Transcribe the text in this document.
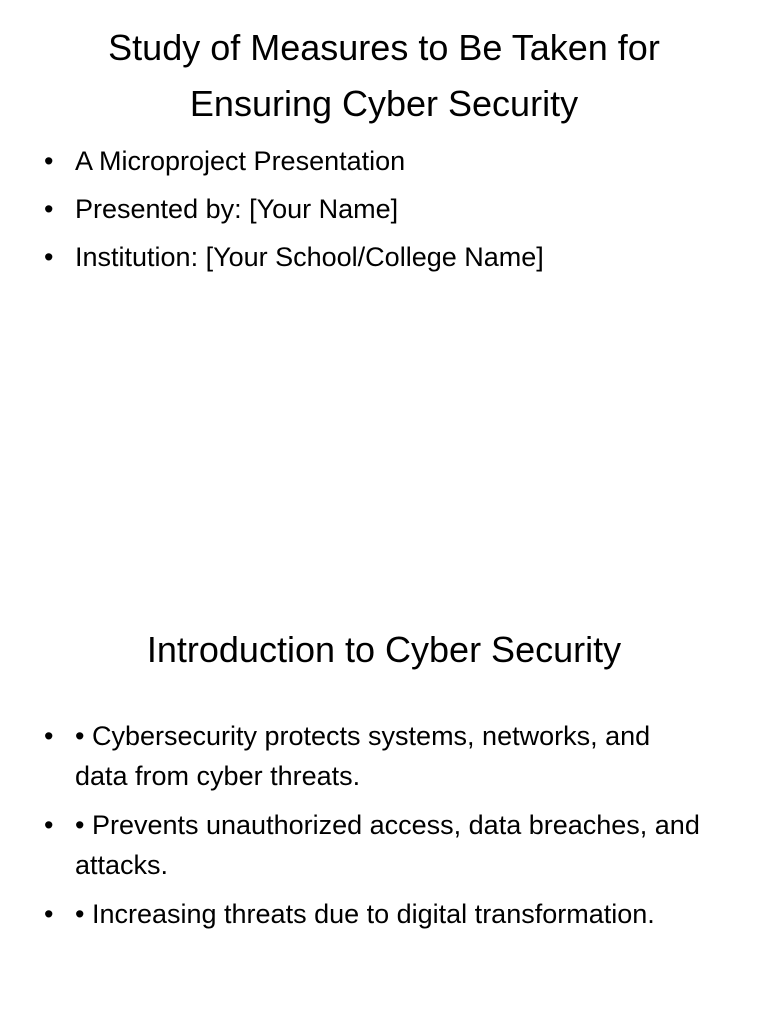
Study of Measures to Be Taken for Ensuring Cyber Security
• A Microproject Presentation
• Presented by: [Your Name]
• Institution: [Your School/College Name]
Introduction to Cyber Security
• • Cybersecurity protects systems, networks, and data from cyber threats.
• • Prevents unauthorized access, data breaches, and attacks.
• • Increasing threats due to digital transformation.
